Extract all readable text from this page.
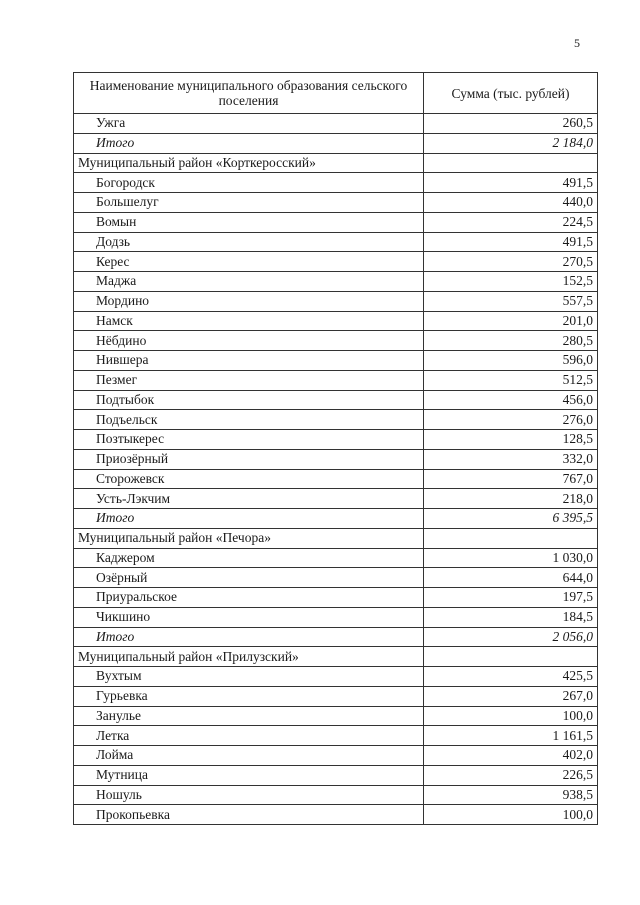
5
Наименование муниципального образования сельского поселения	Сумма (тыс. рублей)
Ужга	260,5
Итого	2 184,0
Муниципальный район «Корткеросский»	
Богородск	491,5
Большелуг	440,0
Вомын	224,5
Додзь	491,5
Керес	270,5
Маджа	152,5
Мордино	557,5
Намск	201,0
Нёбдино	280,5
Нившера	596,0
Пезмег	512,5
Подтыбок	456,0
Подъельск	276,0
Позтыкерес	128,5
Приозёрный	332,0
Сторожевск	767,0
Усть-Лэкчим	218,0
Итого	6 395,5
Муниципальный район «Печора»	
Каджером	1 030,0
Озёрный	644,0
Приуральское	197,5
Чикшино	184,5
Итого	2 056,0
Муниципальный район «Прилузский»	
Вухтым	425,5
Гурьевка	267,0
Занулье	100,0
Летка	1 161,5
Лойма	402,0
Мутница	226,5
Ношуль	938,5
Прокопьевка	100,0
